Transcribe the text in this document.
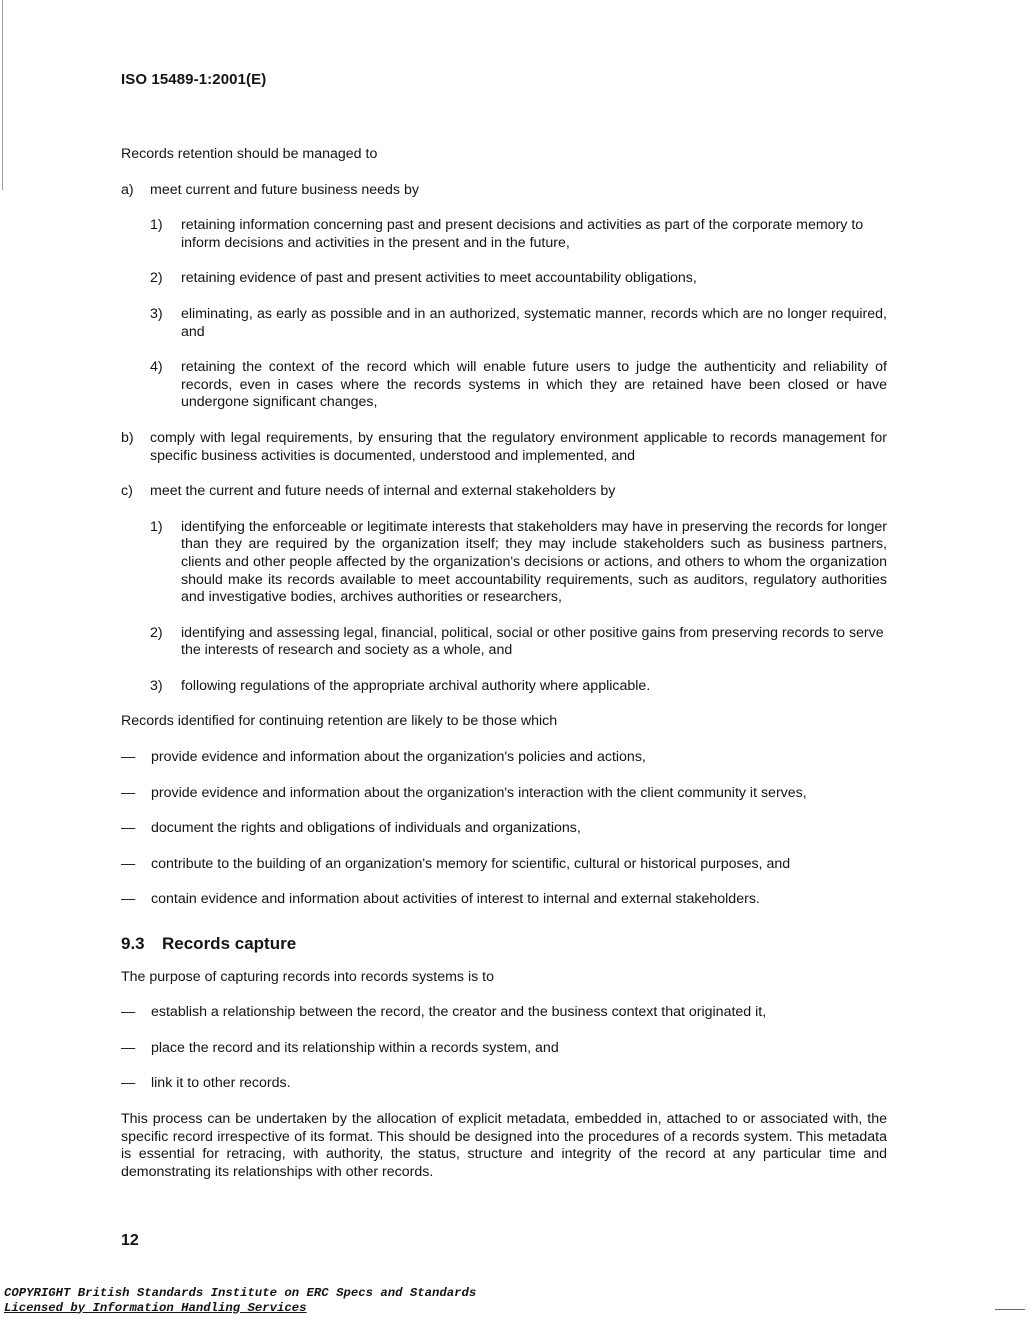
ISO 15489-1:2001(E)

Records retention should be managed to

a)	meet current and future business needs by
1)	retaining information concerning past and present decisions and activities as part of the corporate memory to inform decisions and activities in the present and in the future,
2)	retaining evidence of past and present activities to meet accountability obligations,
3)	eliminating, as early as possible and in an authorized, systematic manner, records which are no longer required, and
4)	retaining the context of the record which will enable future users to judge the authenticity and reliability of records, even in cases where the records systems in which they are retained have been closed or have undergone significant changes,
b)	comply with legal requirements, by ensuring that the regulatory environment applicable to records management for specific business activities is documented, understood and implemented, and
c)	meet the current and future needs of internal and external stakeholders by
1)	identifying the enforceable or legitimate interests that stakeholders may have in preserving the records for longer than they are required by the organization itself; they may include stakeholders such as business partners, clients and other people affected by the organization's decisions or actions, and others to whom the organization should make its records available to meet accountability requirements, such as auditors, regulatory authorities and investigative bodies, archives authorities or researchers,
2)	identifying and assessing legal, financial, political, social or other positive gains from preserving records to serve the interests of research and society as a whole, and
3)	following regulations of the appropriate archival authority where applicable.

Records identified for continuing retention are likely to be those which

—	provide evidence and information about the organization's policies and actions,
—	provide evidence and information about the organization's interaction with the client community it serves,
—	document the rights and obligations of individuals and organizations,
—	contribute to the building of an organization's memory for scientific, cultural or historical purposes, and
—	contain evidence and information about activities of interest to internal and external stakeholders.
9.3	Records capture

The purpose of capturing records into records systems is to

—	establish a relationship between the record, the creator and the business context that originated it,
—	place the record and its relationship within a records system, and
—	link it to other records.

This process can be undertaken by the allocation of explicit metadata, embedded in, attached to or associated with, the specific record irrespective of its format. This should be designed into the procedures of a records system. This metadata is essential for retracing, with authority, the status, structure and integrity of the record at any particular time and demonstrating its relationships with other records.

12
COPYRIGHT British Standards Institute on ERC Specs and Standards
Licensed by Information Handling Services
